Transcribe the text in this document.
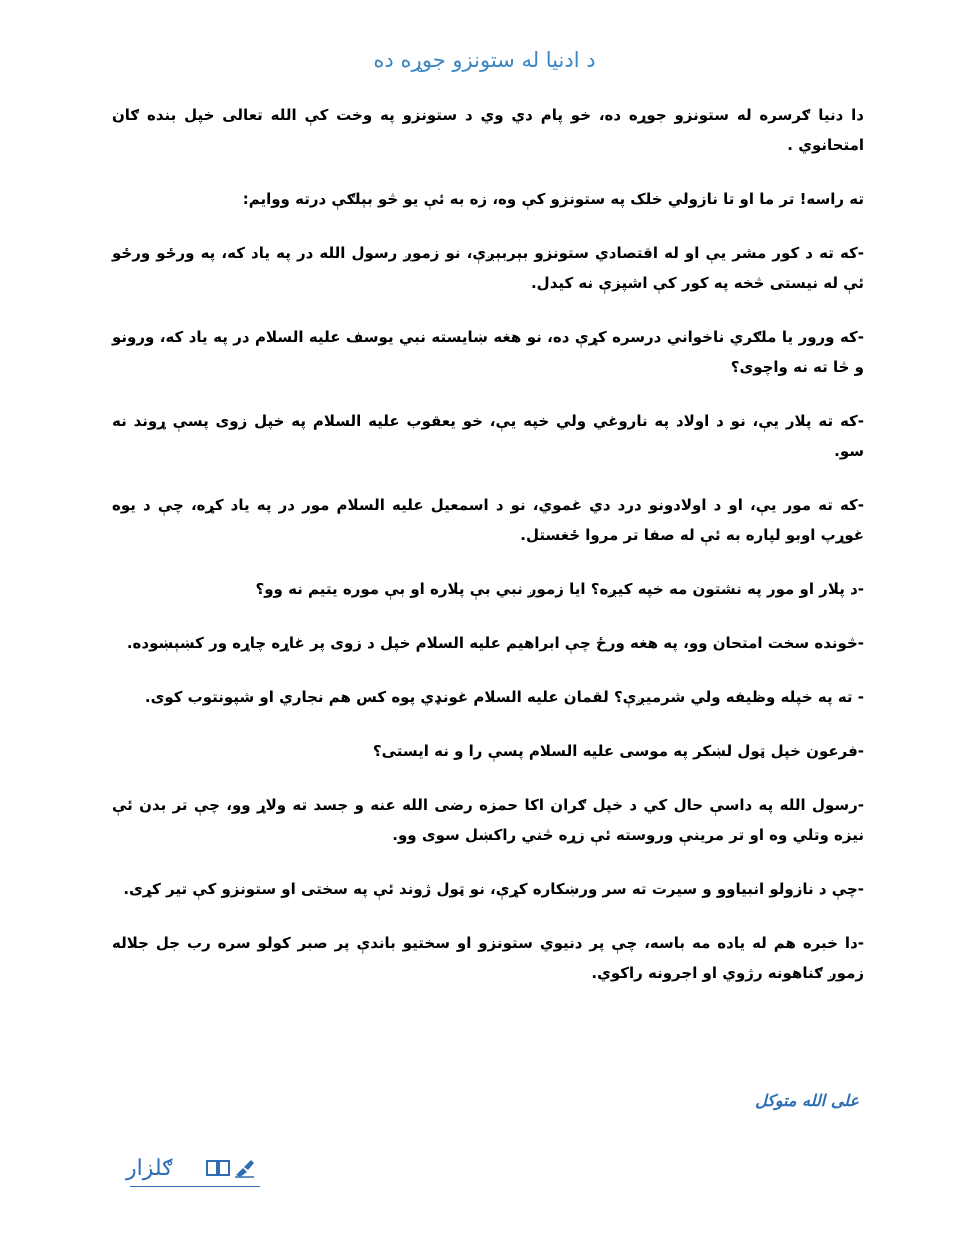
د ادنیا له ستونزو جوړه ده

دا دنيا ګرسره له ستونزو جوړه ده، خو پام دي وي د ستونزو په وخت کې الله تعالى خپل بنده ګان امتحانوي .

ته راسه! تر ما او تا نازولي خلک په ستونزو کې وه، زه به ئې يو څو بېلګې درته ووايم:

-که ته د کور مشر يې او له اقتصادي ستونزو بېربېږې، نو زموږ رسول الله در په ياد که، په ورځو ورځو ئې له نيستى څخه په کور کې اشپزې نه کيدل.

-که ورور يا ملګري ناخواني درسره کړې ده، نو هغه ښايسته نبي يوسف عليه السلام در په ياد که، ورونو و څا ته نه واچوی؟

-که ته پلار يې، نو د اولاد په ناروغي ولي خپه يې، خو يعقوب عليه السلام په خپل زوی پسې ړوند نه سو.

-که ته مور يې، او د اولادونو درد دي غموي، نو د اسمعيل عليه السلام مور در په ياد کړه، چې د يوه غوړپ اوبو لپاره به ئې له صفا تر مروا ځغستل.

-د پلار او مور په نشتون مه خپه کيږه؟ ايا زموږ نبي بې پلاره او بې موره يتيم نه وو؟

-څونده سخت امتحان وو، په هغه ورځ چې ابراهيم عليه السلام خپل د زوی پر غاړه چاړه ور کښېښودە.

- ته په خپله وظيفه ولي شرميږې؟ لقمان عليه السلام غونډي پوه کس هم نجاري او شپونتوب کوی.

-فرعون خپل ټول لښکر په موسى عليه السلام پسې را و نه ايستى؟

-رسول الله په داسې حال کي د خپل ګران اکا حمزه رضى الله عنه و جسد ته ولاړ وو، چې تر بدن ئې نيزه وتلي وه او تر مرينې وروسته ئې زړه څني راکښل سوی وو.

-چې د نازولو انبياوو و سيرت ته سر ورښکاره کړې، نو ټول ژوند ئې په سختى او ستونزو کې تير کړی.

-دا خبره هم له ياده مه باسه، چې پر دنيوي ستونزو او سختيو باندې پر صبر کولو سره رب جل جلاله زموږ ګناهونه رژوي او اجرونه راکوي.

على الله متوكل
ګلزار
